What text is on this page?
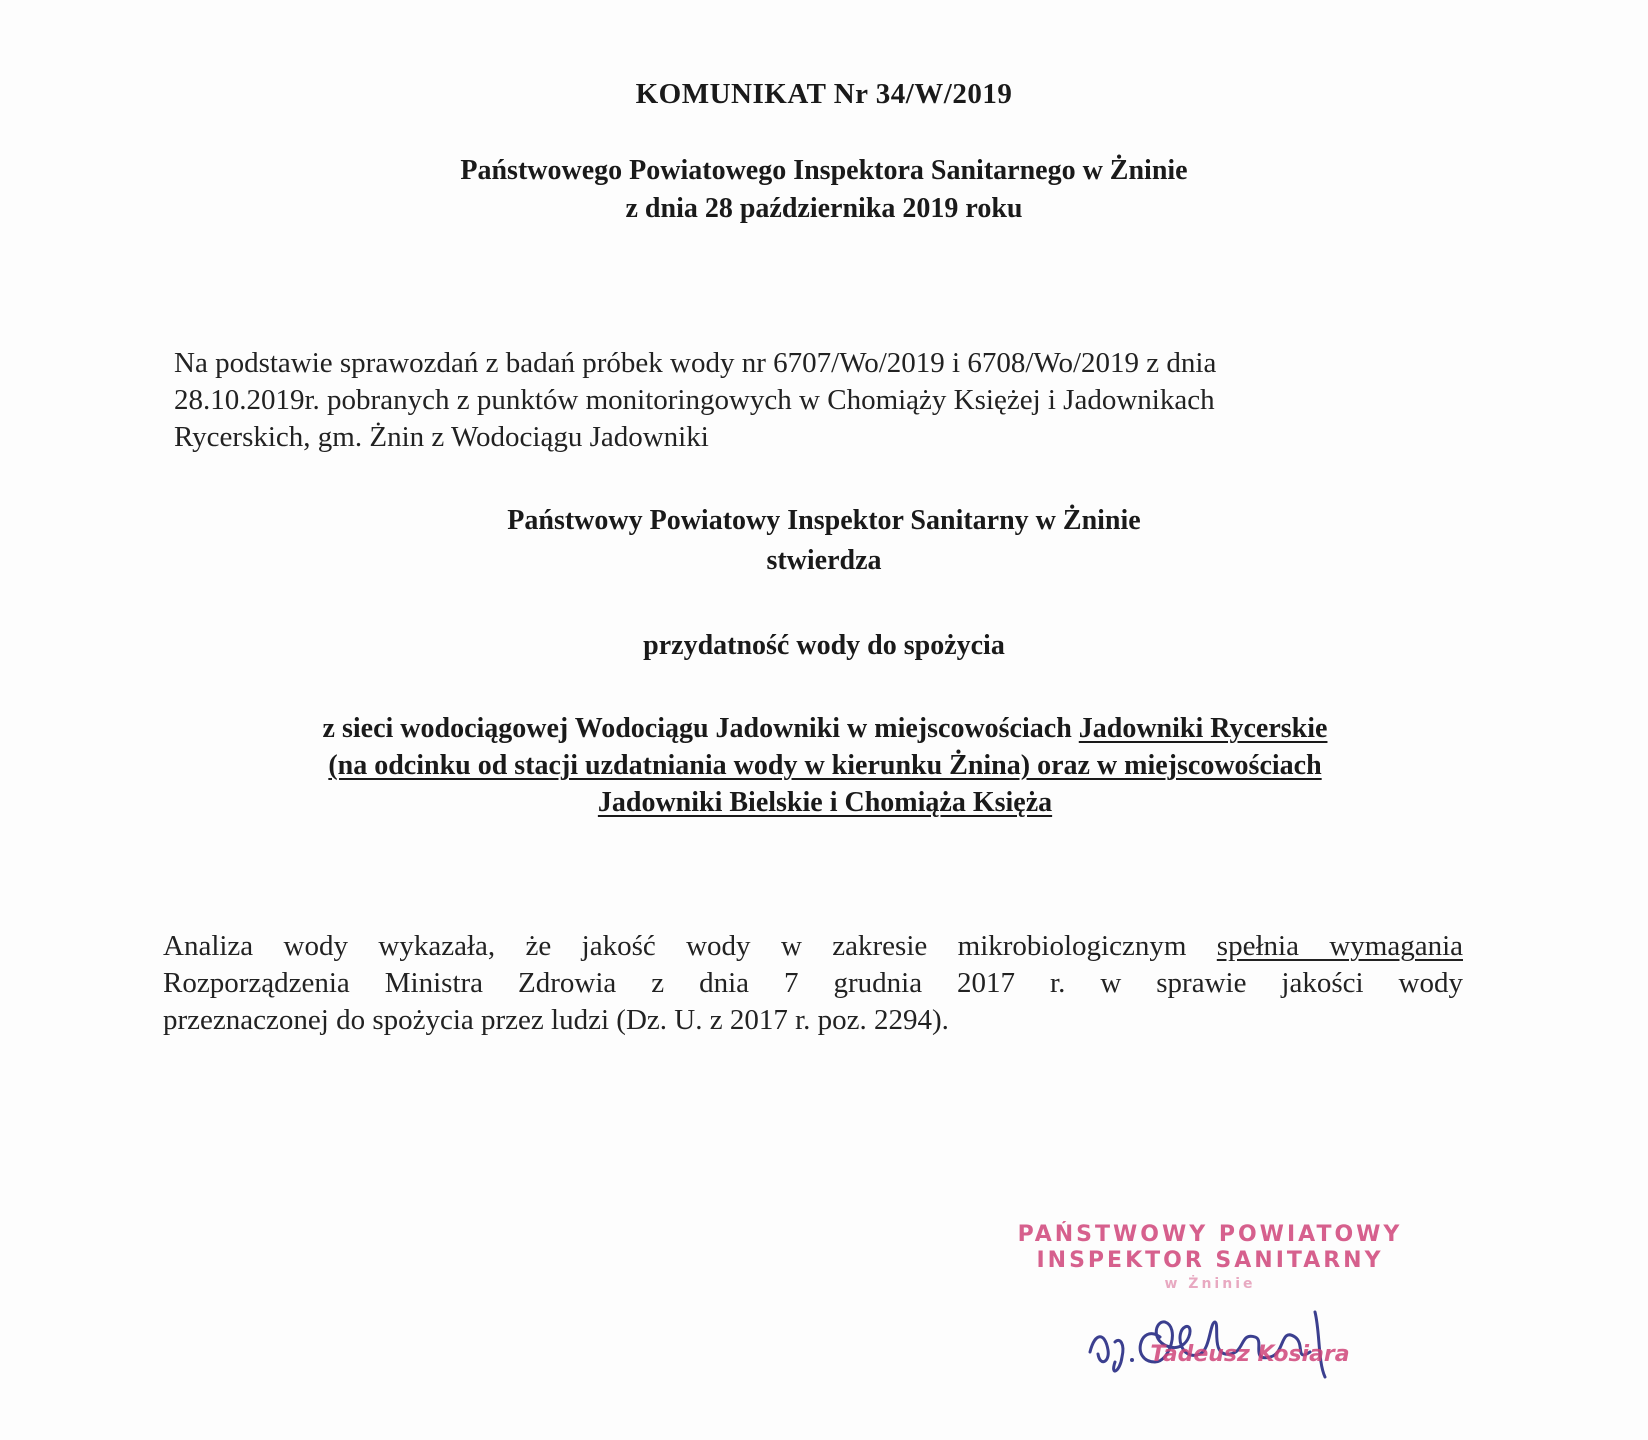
KOMUNIKAT Nr 34/W/2019
Państwowego Powiatowego Inspektora Sanitarnego w Żninie
z dnia 28 października 2019 roku
Na podstawie sprawozdań z badań próbek wody nr 6707/Wo/2019 i 6708/Wo/2019 z dnia
28.10.2019r. pobranych z punktów monitoringowych w Chomiąży Księżej i Jadownikach
Rycerskich, gm. Żnin z Wodociągu Jadowniki
Państwowy Powiatowy Inspektor Sanitarny w Żninie
stwierdza
przydatność wody do spożycia
z sieci wodociągowej Wodociągu Jadowniki w miejscowościach Jadowniki Rycerskie
(na odcinku od stacji uzdatniania wody w kierunku Żnina) oraz w miejscowościach
Jadowniki Bielskie i Chomiąża Księża
Analiza wody wykazała, że jakość wody w zakresie mikrobiologicznym spełnia wymagania
Rozporządzenia Ministra Zdrowia z dnia 7 grudnia 2017 r. w sprawie jakości wody
przeznaczonej do spożycia przez ludzi (Dz. U. z 2017 r. poz. 2294).
PAŃSTWOWY POWIATOWY
INSPEKTOR SANITARNY
w Żninie
Tadeusz Kosiara
